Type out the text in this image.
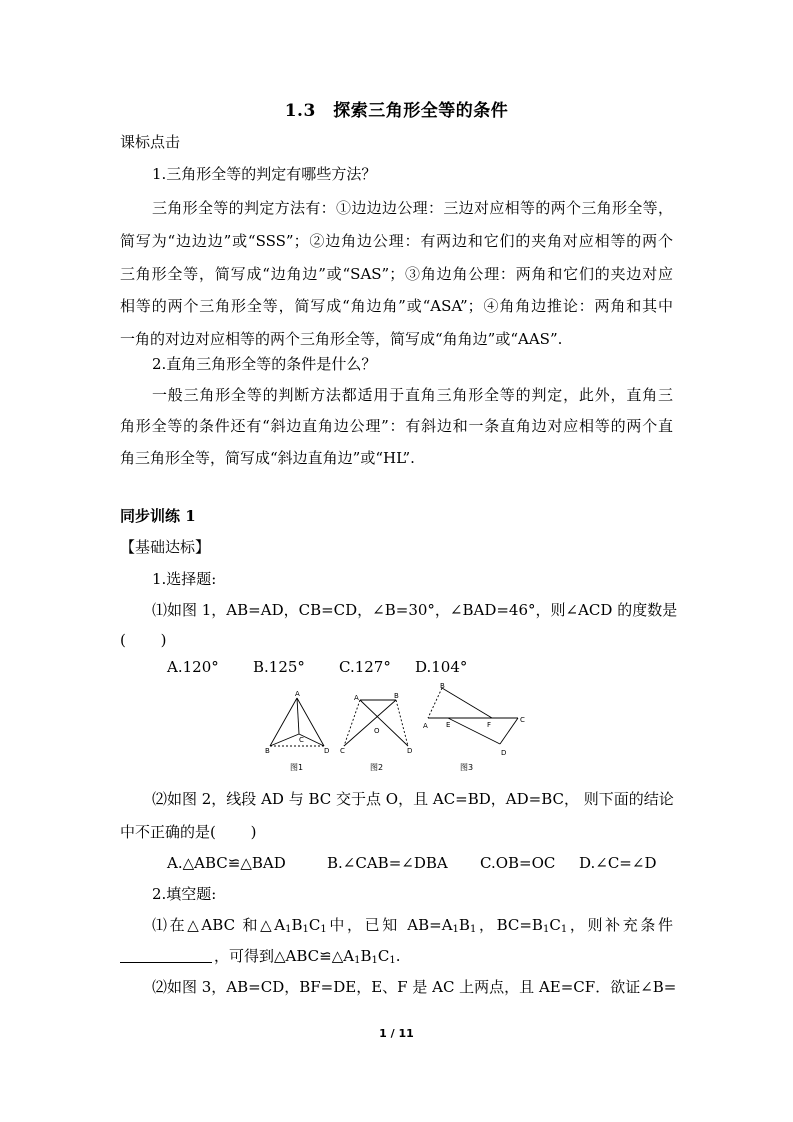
1.3　探索三角形全等的条件
课标点击
1.三角形全等的判定有哪些方法？
三角形全等的判定方法有：①边边边公理：三边对应相等的两个三角形全等，
简写为“边边边”或“SSS”；②边角边公理：有两边和它们的夹角对应相等的两个
三角形全等，简写成“边角边”或“SAS”；③角边角公理：两角和它们的夹边对应
相等的两个三角形全等，简写成“角边角”或“ASA”；④角角边推论：两角和其中
一角的对边对应相等的两个三角形全等，简写成“角角边”或“AAS”.
2.直角三角形全等的条件是什么？
一般三角形全等的判断方法都适用于直角三角形全等的判定，此外，直角三
角形全等的条件还有“斜边直角边公理”：有斜边和一条直角边对应相等的两个直
角三角形全等，简写成“斜边直角边”或“HL”.
同步训练 1
【基础达标】
1.选择题:
⑴如图 1，AB=AD，CB=CD，∠B=30°，∠BAD=46°，则∠ACD 的度数是
(　　 )
A.120° B.125° C.127° D.104°
A
B
C
D
图1
A	B
O
C	D
图2
B
A	E	F
C
D
图3
⑵如图 2，线段 AD 与 BC 交于点 O，且 AC=BD，AD=BC， 则下面的结论
中不正确的是(　　 )
A.△ABC≌△BAD	B.∠CAB=∠DBA C.OB=OC D.∠C=∠D
2.填空题:
⑴在△ABC 和$\triangle A_1B_1C_1$中，已知 $AB=A_1B_1$，$BC=B_1C_1$，则补充条件
，可得到$\triangle ABC≌\triangle A_1B_1C_1$.
⑵如图 3，AB=CD，BF=DE，E、F 是 AC 上两点，且 AE=CF．欲证∠B=
1 / 11
